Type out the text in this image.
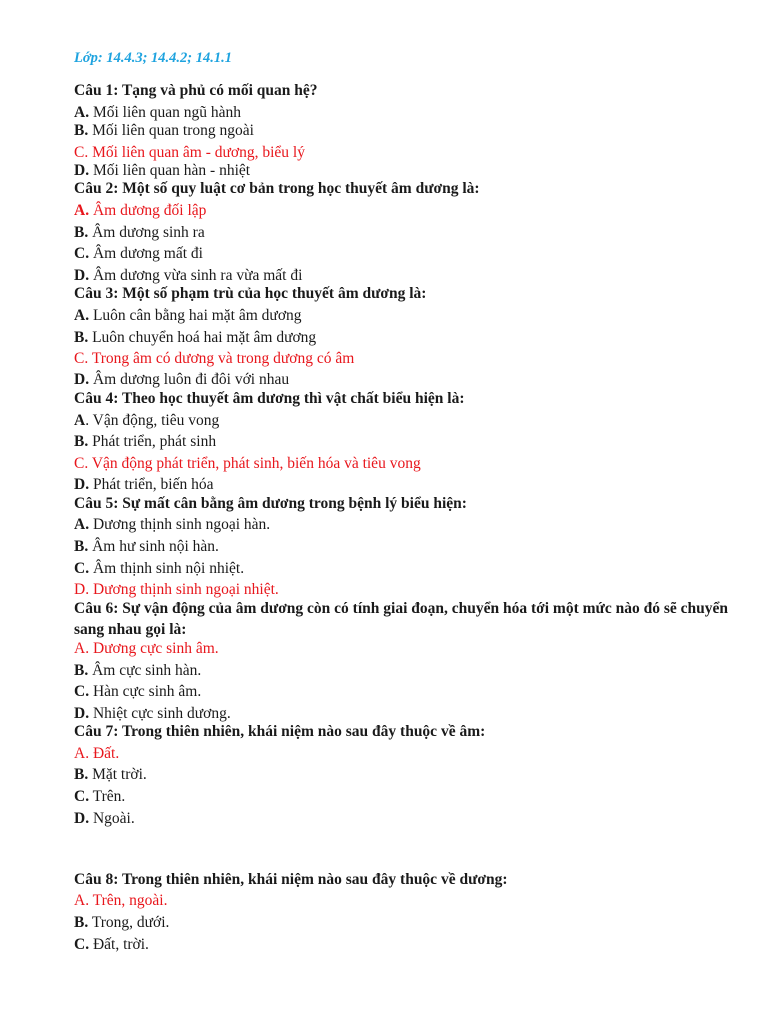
Lớp: 14.4.3; 14.4.2; 14.1.1
Câu 1: Tạng và phủ có mối quan hệ?
A. Mối liên quan ngũ hành
B. Mối liên quan trong ngoài
C. Mối liên quan âm - dương, biểu lý
D. Mối liên quan hàn - nhiệt
Câu 2: Một số quy luật cơ bản trong học thuyết âm dương là:
A. Âm dương đối lập
B. Âm dương sinh ra
C. Âm dương mất đi
D. Âm dương vừa sinh ra vừa mất đi
Câu 3: Một số phạm trù của học thuyết âm dương là:
A. Luôn cân bằng hai mặt âm dương
B. Luôn chuyển hoá hai mặt âm dương
C. Trong âm có dương và trong dương có âm
D. Âm dương luôn đi đôi với nhau
Câu 4: Theo học thuyết âm dương thì vật chất biểu hiện là:
A. Vận động, tiêu vong
B. Phát triển, phát sinh
C. Vận động phát triển, phát sinh, biến hóa và tiêu vong
D. Phát triển, biến hóa
Câu 5: Sự mất cân bằng âm dương trong bệnh lý biểu hiện:
A. Dương thịnh sinh ngoại hàn.
B. Âm hư sinh nội hàn.
C. Âm thịnh sinh nội nhiệt.
D. Dương thịnh sinh ngoại nhiệt.
Câu 6: Sự vận động của âm dương còn có tính giai đoạn, chuyển hóa tới một mức nào đó sẽ chuyển sang nhau gọi là:
A. Dương cực sinh âm.
B. Âm cực sinh hàn.
C. Hàn cực sinh âm.
D. Nhiệt cực sinh dương.
Câu 7: Trong thiên nhiên, khái niệm nào sau đây thuộc về âm:
A. Đất.
B. Mặt trời.
C. Trên.
D. Ngoài.
Câu 8: Trong thiên nhiên, khái niệm nào sau đây thuộc về dương:
A. Trên, ngoài.
B. Trong, dưới.
C. Đất, trời.
